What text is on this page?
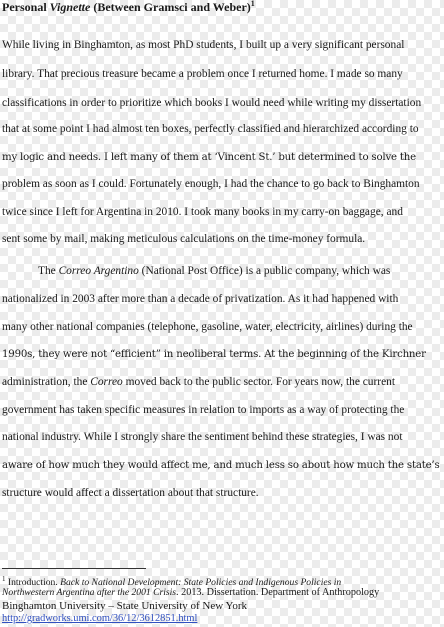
Personal Vignette (Between Gramsci and Weber)$^1$
While living in Binghamton, as most PhD students, I built up a very significant personal
library. That precious treasure became a problem once I returned home. I made so many
classifications in order to prioritize which books I would need while writing my dissertation
that at some point I had almost ten boxes, perfectly classified and hierarchized according to
my logic and needs. I left many of them at ‘Vincent St.’ but determined to solve the
problem as soon as I could. Fortunately enough, I had the chance to go back to Binghamton
twice since I left for Argentina in 2010. I took many books in my carry-on baggage, and
sent some by mail, making meticulous calculations on the time-money formula.
The Correo Argentino (National Post Office) is a public company, which was
nationalized in 2003 after more than a decade of privatization. As it had happened with
many other national companies (telephone, gasoline, water, electricity, airlines) during the
1990s, they were not “efficient” in neoliberal terms. At the beginning of the Kirchner
administration, the Correo moved back to the public sector. For years now, the current
government has taken specific measures in relation to imports as a way of protecting the
national industry. While I strongly share the sentiment behind these strategies, I was not
aware of how much they would affect me, and much less so about how much the state’s
structure would affect a dissertation about that structure.
$^1$ Introduction. Back to National Development: State Policies and Indigenous Policies in
Northwestern Argentina after the 2001 Crisis. 2013. Dissertation. Department of Anthropology
Binghamton University – State University of New York
http://gradworks.umi.com/36/12/3612851.html
